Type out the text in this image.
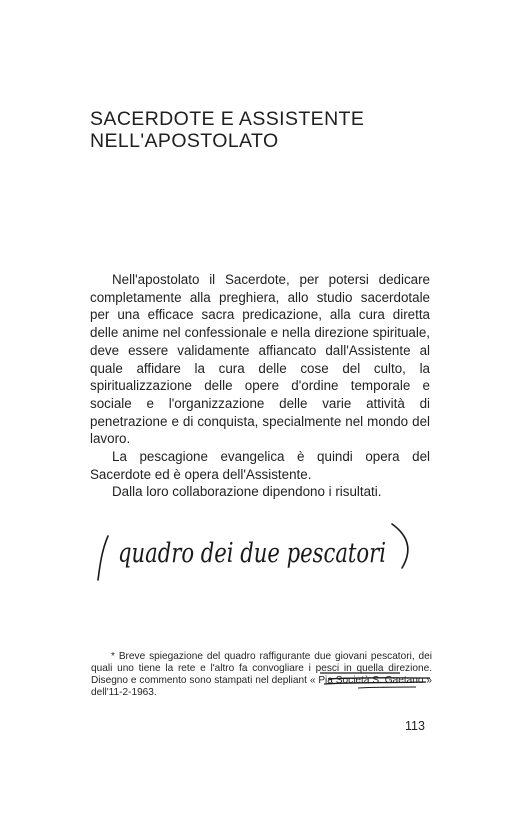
SACERDOTE E ASSISTENTE
NELL'APOSTOLATO

Nell'apostolato il Sacerdote, per potersi dedicare completamente alla preghiera, allo studio sacerdotale per una efficace sacra predicazione, alla cura diretta delle anime nel confessionale e nella direzione spirituale, deve essere validamente affiancato dall'Assistente al quale affidare la cura delle cose del culto, la spiritualizzazione delle opere d'ordine temporale e sociale e l'organizzazione delle varie attività di penetrazione e di conquista, specialmente nel mondo del lavoro.

La pescagione evangelica è quindi opera del Sacerdote ed è opera dell'Assistente.

Dalla loro collaborazione dipendono i risultati.

quadro dei due pescatori
* Breve spiegazione del quadro raffigurante due giovani pescatori, dei quali uno tiene la rete e l'altro fa convogliare i pesci in quella direzione. Disegno e commento sono stampati nel depliant « Pia Società S. Gaetano » dell'11-2-1963.
113
